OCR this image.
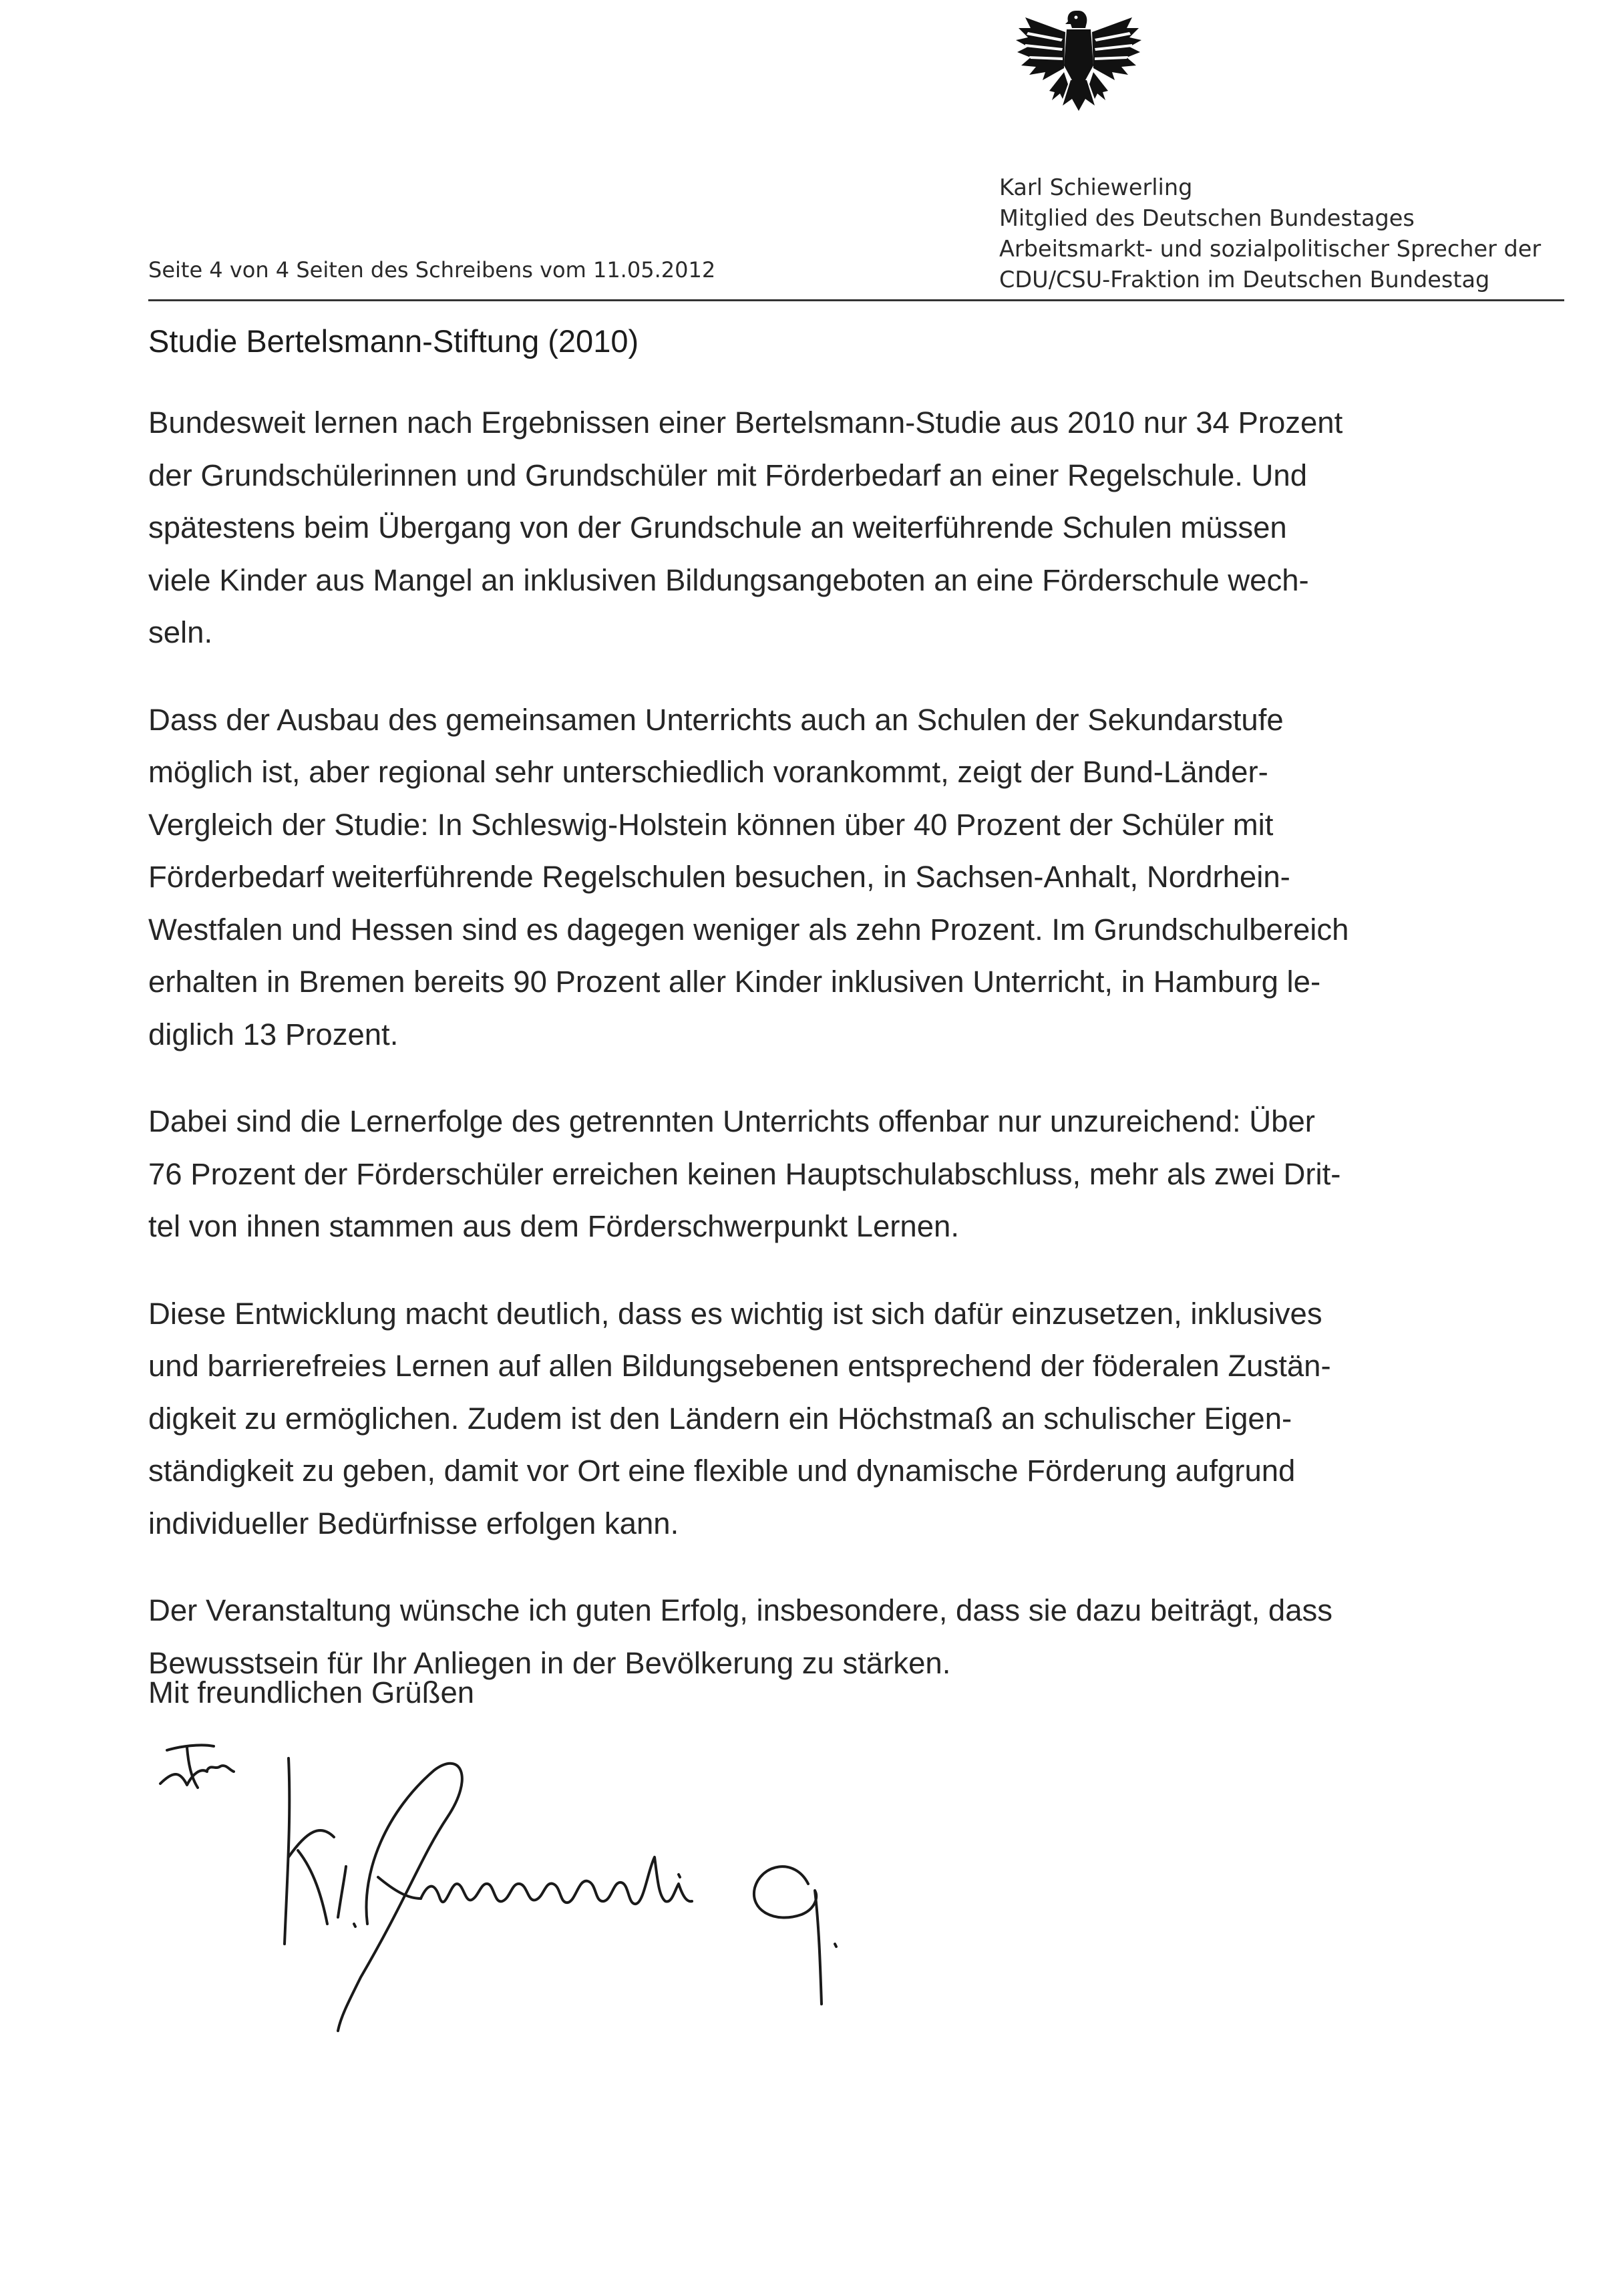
Karl Schiewerling
Mitglied des Deutschen Bundestages
Arbeitsmarkt- und sozialpolitischer Sprecher der
CDU/CSU-Fraktion im Deutschen Bundestag
Seite 4 von 4 Seiten des Schreibens vom 11.05.2012
Studie Bertelsmann-Stiftung (2010)

Bundesweit lernen nach Ergebnissen einer Bertelsmann-Studie aus 2010 nur 34 Prozent
der Grundschülerinnen und Grundschüler mit Förderbedarf an einer Regelschule. Und
spätestens beim Übergang von der Grundschule an weiterführende Schulen müssen
viele Kinder aus Mangel an inklusiven Bildungsangeboten an eine Förderschule wech-
seln.

Dass der Ausbau des gemeinsamen Unterrichts auch an Schulen der Sekundarstufe
möglich ist, aber regional sehr unterschiedlich vorankommt, zeigt der Bund-Länder-
Vergleich der Studie: In Schleswig-Holstein können über 40 Prozent der Schüler mit
Förderbedarf weiterführende Regelschulen besuchen, in Sachsen-Anhalt, Nordrhein-
Westfalen und Hessen sind es dagegen weniger als zehn Prozent. Im Grundschulbereich
erhalten in Bremen bereits 90 Prozent aller Kinder inklusiven Unterricht, in Hamburg le-
diglich 13 Prozent.

Dabei sind die Lernerfolge des getrennten Unterrichts offenbar nur unzureichend: Über
76 Prozent der Förderschüler erreichen keinen Hauptschulabschluss, mehr als zwei Drit-
tel von ihnen stammen aus dem Förderschwerpunkt Lernen.

Diese Entwicklung macht deutlich, dass es wichtig ist sich dafür einzusetzen, inklusives
und barrierefreies Lernen auf allen Bildungsebenen entsprechend der föderalen Zustän-
digkeit zu ermöglichen. Zudem ist den Ländern ein Höchstmaß an schulischer Eigen-
ständigkeit zu geben, damit vor Ort eine flexible und dynamische Förderung aufgrund
individueller Bedürfnisse erfolgen kann.

Der Veranstaltung wünsche ich guten Erfolg, insbesondere, dass sie dazu beiträgt, dass
Bewusstsein für Ihr Anliegen in der Bevölkerung zu stärken.

Mit freundlichen Grüßen
